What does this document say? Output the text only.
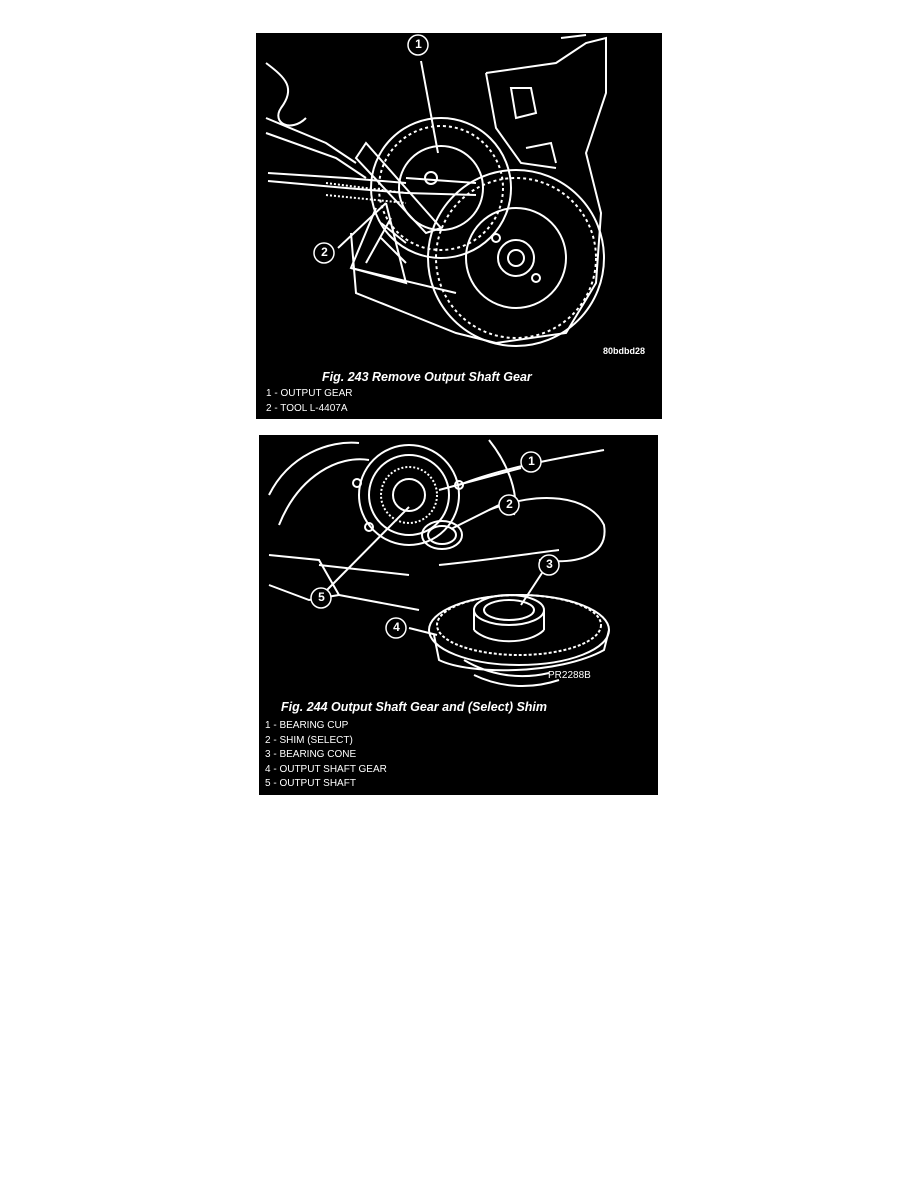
1
2
80bdbd28
Fig. 243 Remove Output Shaft Gear
1 - OUTPUT GEAR
2 - TOOL L-4407A
1
2
3
4
5
PR2288B
Fig. 244 Output Shaft Gear and (Select) Shim
1 - BEARING CUP
2 - SHIM (SELECT)
3 - BEARING CONE
4 - OUTPUT SHAFT GEAR
5 - OUTPUT SHAFT
